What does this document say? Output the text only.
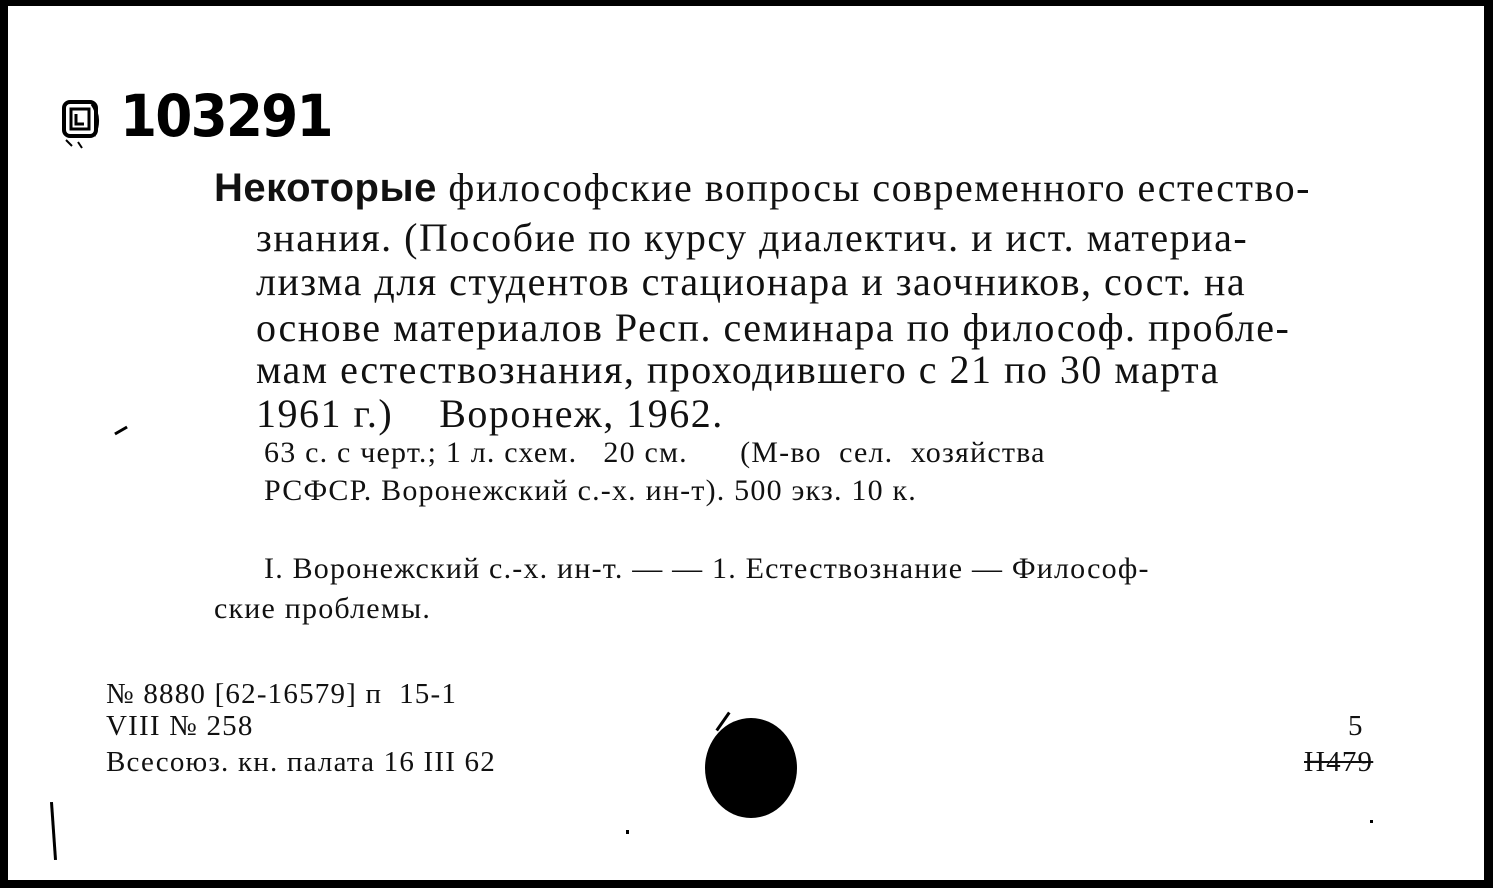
103291
Некоторые философские вопросы современного естество-
знания. (Пособие по курсу диалектич. и ист. материа-
лизма для студентов стационара и заочников, сост. на
основе материалов Респ. семинара по философ. пробле-
мам естествознания, проходившего с 21 по 30 марта
1961 г.)    Воронеж, 1962.
63 с. с черт.; 1 л. схем.   20 см.      (М-во  сел.  хозяйства
РСФСР. Воронежский с.-х. ин-т). 500 экз. 10 к.
I. Воронежский с.-х. ин-т. — — 1. Естествознание — Философ-
ские проблемы.
№ 8880 [62-16579] п  15-1
VIII № 258
Всесоюз. кн. палата 16 III 62
5
Н479
